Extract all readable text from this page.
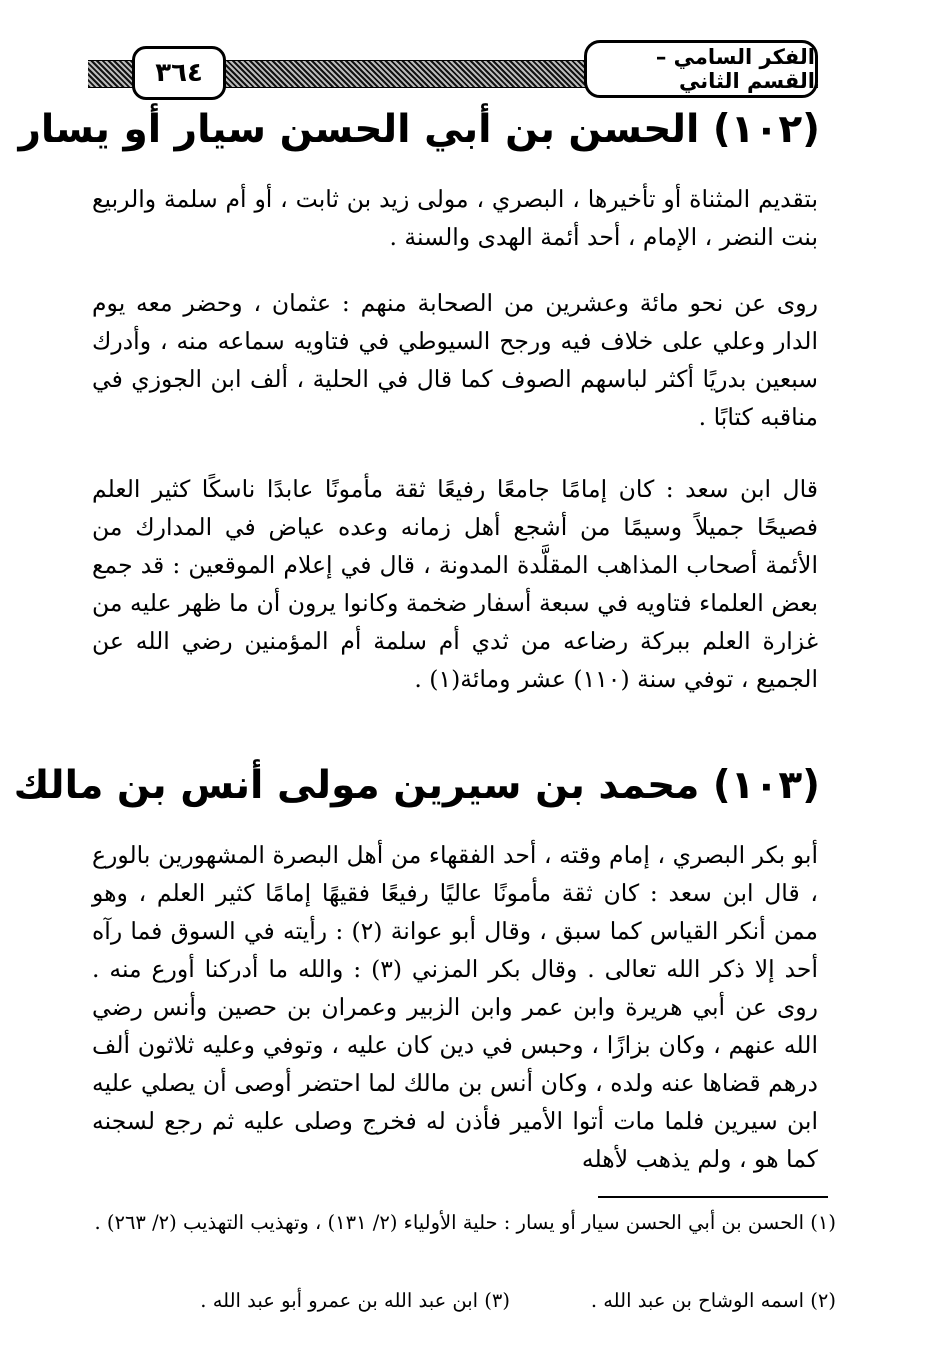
٣٦٤
الفكر السامي – القسم الثاني
(١٠٢) الحسن بن أبي الحسن سيار أو يسار

بتقديم المثناة أو تأخيرها ، البصري ، مولى زيد بن ثابت ، أو أم سلمة والربيع بنت النضر ، الإمام ، أحد أئمة الهدى والسنة .

روى عن نحو مائة وعشرين من الصحابة منهم : عثمان ، وحضر معه يوم الدار وعلي على خلاف فيه ورجح السيوطي في فتاويه سماعه منه ، وأدرك سبعين بدريًا أكثر لباسهم الصوف كما قال في الحلية ، ألف ابن الجوزي في مناقبه كتابًا .

قال ابن سعد : كان إمامًا جامعًا رفيعًا ثقة مأمونًا عابدًا ناسكًا كثير العلم فصيحًا جميلاً وسيمًا من أشجع أهل زمانه وعده عياض في المدارك من الأئمة أصحاب المذاهب المقلَّدة المدونة ، قال في إعلام الموقعين : قد جمع بعض العلماء فتاويه في سبعة أسفار ضخمة وكانوا يرون أن ما ظهر عليه من غزارة العلم ببركة رضاعه من ثدي أم سلمة أم المؤمنين رضي الله عن الجميع ، توفي سنة (١١٠) عشر ومائة(١) .

(١٠٣) محمد بن سيرين مولى أنس بن مالك

أبو بكر البصري ، إمام وقته ، أحد الفقهاء من أهل البصرة المشهورين بالورع ، قال ابن سعد : كان ثقة مأمونًا عاليًا رفيعًا فقيهًا إمامًا كثير العلم ، وهو ممن أنكر القياس كما سبق ، وقال أبو عوانة (٢) : رأيته في السوق فما رآه أحد إلا ذكر الله تعالى . وقال بكر المزني (٣) : والله ما أدركنا أورع منه . روى عن أبي هريرة وابن عمر وابن الزبير وعمران بن حصين وأنس رضي الله عنهم ، وكان بزازًا ، وحبس في دين كان عليه ، وتوفي وعليه ثلاثون ألف درهم قضاها عنه ولده ، وكان أنس بن مالك لما احتضر أوصى أن يصلي عليه ابن سيرين فلما مات أتوا الأمير فأذن له فخرج وصلى عليه ثم رجع لسجنه كما هو ، ولم يذهب لأهله

(١) الحسن بن أبي الحسن سيار أو يسار : حلية الأولياء (٢/ ١٣١) ، وتهذيب التهذيب (٢/ ٢٦٣) .

(٢) اسمه الوشاح بن عبد الله .
(٣) ابن عبد الله بن عمرو أبو عبد الله .
